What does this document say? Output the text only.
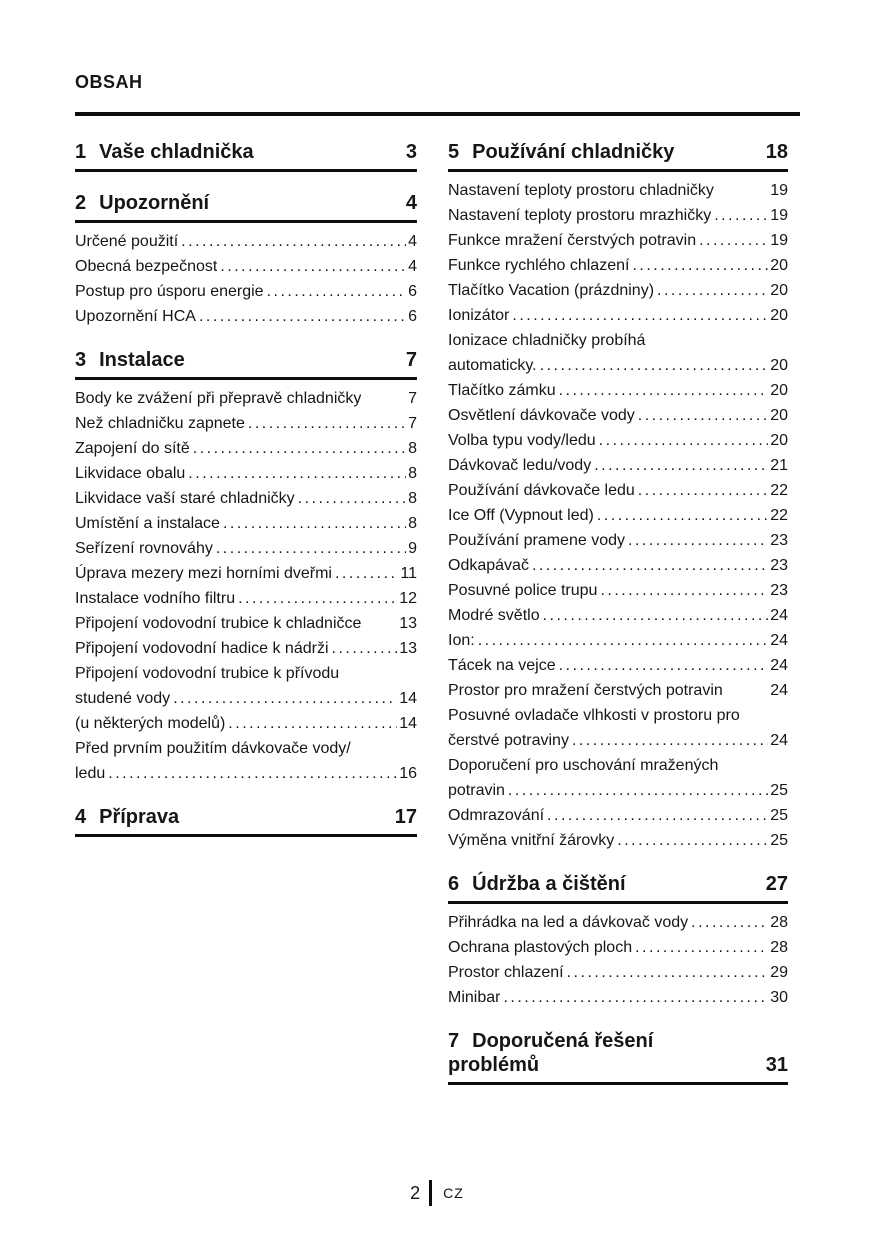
OBSAH
1 Vaše chladnička	3
2 Upozornění	4
Určené použití .....	4
Obecná bezpečnost .....	4
Postup pro úsporu energie .....	6
Upozornění HCA .....	6
3 Instalace	7
Body ke zvážení při přepravě chladničky	7
Než chladničku zapnete .....	7
Zapojení do sítě .....	8
Likvidace obalu .....	8
Likvidace vaší staré chladničky .....	8
Umístění a instalace .....	8
Seřízení rovnováhy .....	9
Úprava mezery mezi horními dveřmi .....	11
Instalace vodního filtru .....	12
Připojení vodovodní trubice k chladničce 13
Připojení vodovodní hadice k nádrži .....	13
Připojení vodovodní trubice k přívodu
studené vody .....	14
(u některých modelů) .....	14
Před prvním použitím dávkovače vody/
ledu .....	16
4 Příprava	17
5 Používání chladničky	18
Nastavení teploty prostoru chladničky	19
Nastavení teploty prostoru mrazhičky .....	19
Funkce mražení čerstvých potravin .....	19
Funkce rychlého chlazení .....	20
Tlačítko Vacation (prázdniny) .....	20
Ionizátor .....	20
Ionizace chladničky probíhá
automaticky. .....	20
Tlačítko zámku .....	20
Osvětlení dávkovače vody .....	20
Volba typu vody/ledu .....	20
Dávkovač ledu/vody .....	21
Používání dávkovače ledu .....	22
Ice Off (Vypnout led) .....	22
Používání pramene vody .....	23
Odkapávač .....	23
Posuvné police trupu .....	23
Modré světlo .....	24
Ion: .....	24
Tácek na vejce .....	24
Prostor pro mražení čerstvých potravin	24
Posuvné ovladače vlhkosti v prostoru pro
čerstvé potraviny .....	24
Doporučení pro uschování mražených
potravin .....	25
Odmrazování .....	25
Výměna vnitřní žárovky .....	25
6 Údržba a čištění	27
Přihrádka na led a dávkovač vody .....	28
Ochrana plastových ploch .....	28
Prostor chlazení .....	29
Minibar .....	30
7 Doporučená řešení
problémů	31
2 CZ
